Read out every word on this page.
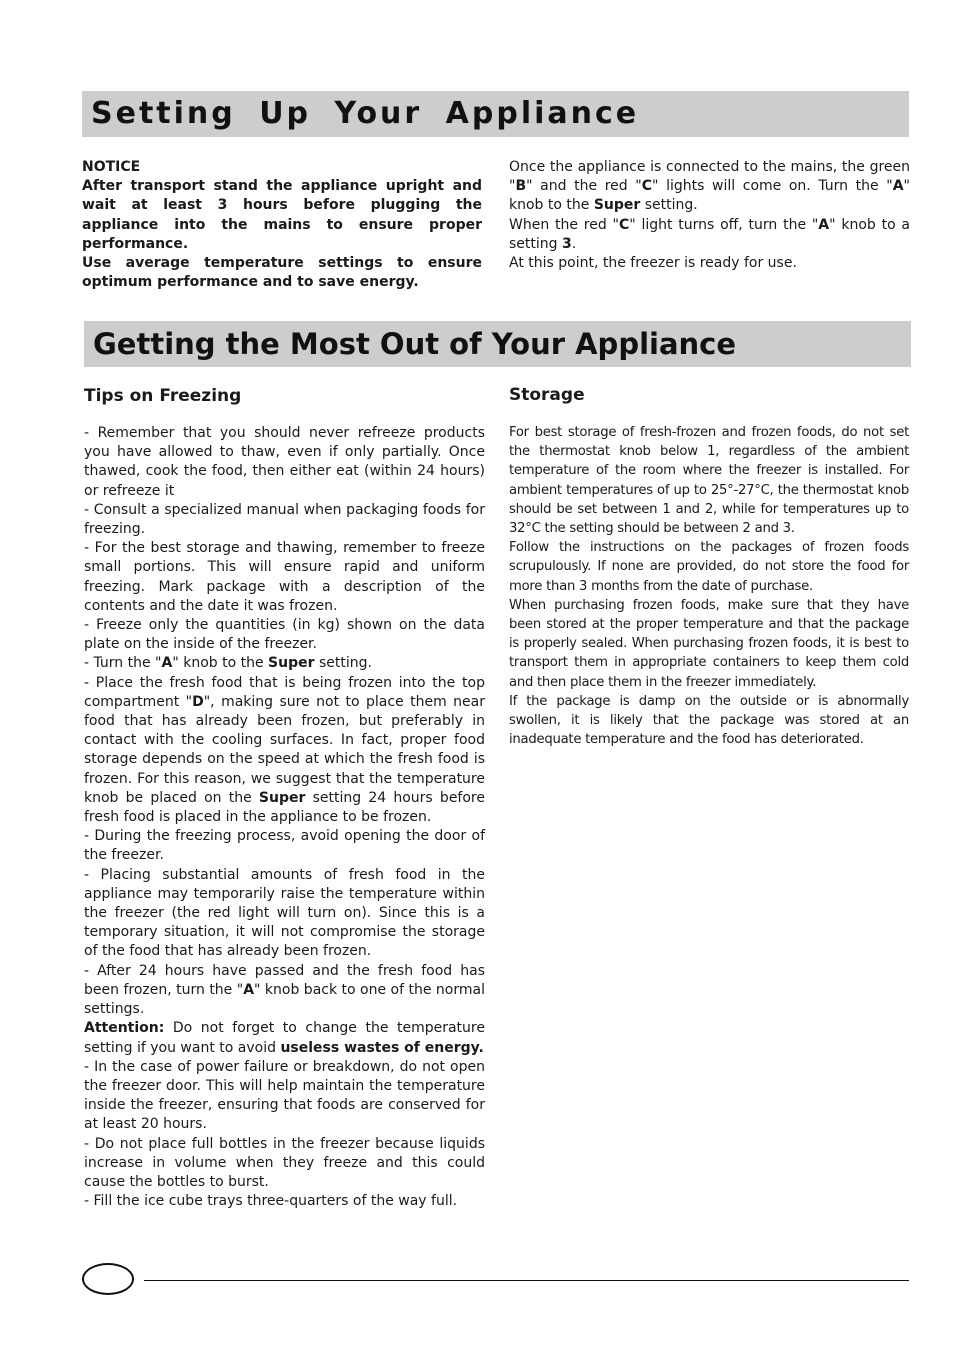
Setting Up Your Appliance

NOTICE

After transport stand the appliance upright and wait at least 3 hours before plugging the appliance into the mains to ensure proper performance.

Use average temperature settings to ensure optimum performance and to save energy.

Once the appliance is connected to the mains, the green "B" and the red "C" lights will come on. Turn the "A" knob to the Super setting.

When the red "C" light turns off, turn the "A" knob to a setting 3.

At this point, the freezer is ready for use.

Getting the Most Out of Your Appliance
Tips on Freezing	Storage

- Remember that you should never refreeze products you have allowed to thaw, even if only partially. Once thawed, cook the food, then either eat (within 24 hours) or refreeze it

- Consult a specialized manual when packaging foods for freezing.

- For the best storage and thawing, remember to freeze small portions. This will ensure rapid and uniform freezing. Mark package with a description of the contents and the date it was frozen.

- Freeze only the quantities (in kg) shown on the data plate on the inside of the freezer.

- Turn the "A" knob to the Super setting.

- Place the fresh food that is being frozen into the top compartment "D", making sure not to place them near food that has already been frozen, but preferably in contact with the cooling surfaces. In fact, proper food storage depends on the speed at which the fresh food is frozen. For this reason, we suggest that the temperature knob be placed on the Super setting 24 hours before fresh food is placed in the appliance to be frozen.

- During the freezing process, avoid opening the door of the freezer.

- Placing substantial amounts of fresh food in the appliance may temporarily raise the temperature within the freezer (the red light will turn on). Since this is a temporary situation, it will not compromise the storage of the food that has already been frozen.

- After 24 hours have passed and the fresh food has been frozen, turn the "A" knob back to one of the normal settings.

Attention: Do not forget to change the temperature setting if you want to avoid useless wastes of energy.

- In the case of power failure or breakdown, do not open the freezer door. This will help maintain the temperature inside the freezer, ensuring that foods are conserved for at least 20 hours.

- Do not place full bottles in the freezer because liquids increase in volume when they freeze and this could cause the bottles to burst.

- Fill the ice cube trays three-quarters of the way full.

For best storage of fresh-frozen and frozen foods, do not set the thermostat knob below 1, regardless of the ambient temperature of the room where the freezer is installed. For ambient temperatures of up to 25°-27°C, the thermostat knob should be set between 1 and 2, while for temperatures up to 32°C the setting should be between 2 and 3.

Follow the instructions on the packages of frozen foods scrupulously. If none are provided, do not store the food for more than 3 months from the date of purchase.

When purchasing frozen foods, make sure that they have been stored at the proper temperature and that the package is properly sealed. When purchasing frozen foods, it is best to transport them in appropriate containers to keep them cold and then place them in the freezer immediately.

If the package is damp on the outside or is abnormally swollen, it is likely that the package was stored at an inadequate temperature and the food has deteriorated.
